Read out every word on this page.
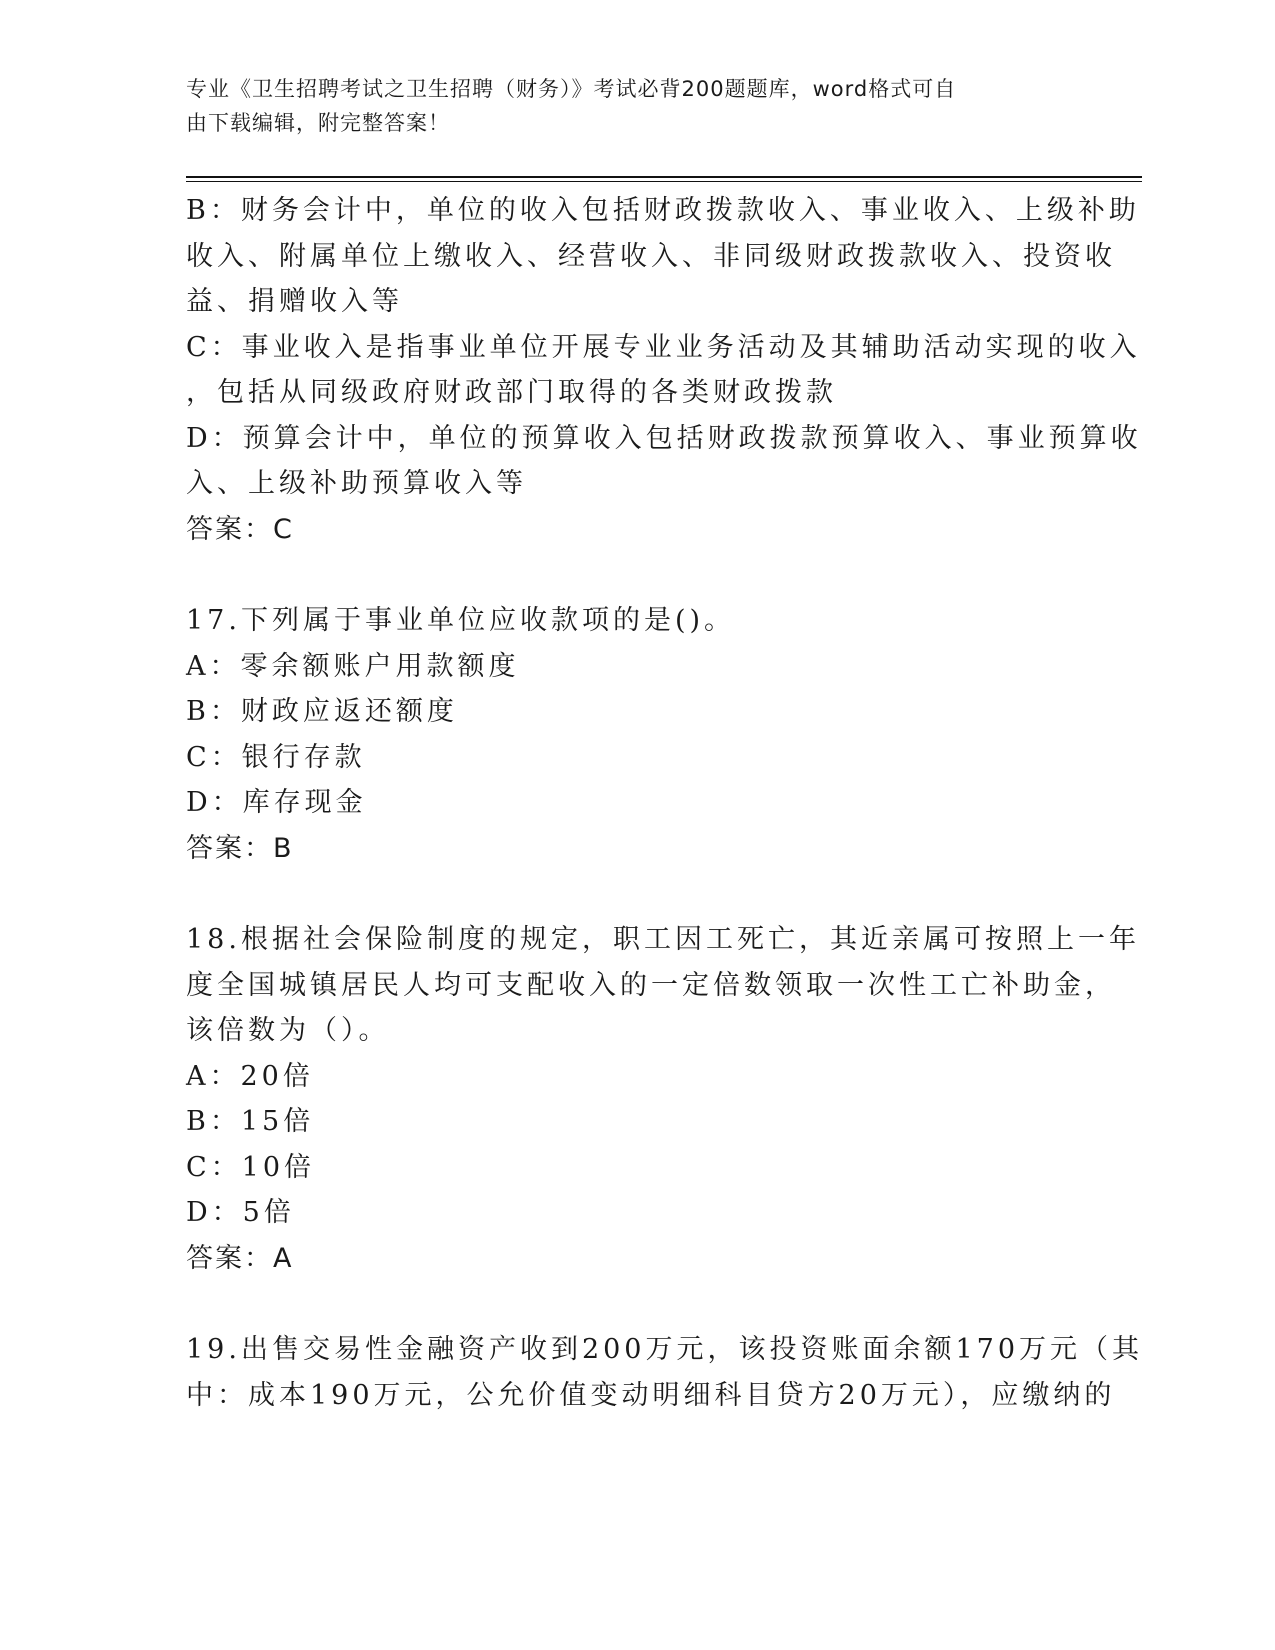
专业《卫生招聘考试之卫生招聘（财务）》考试必背200题题库，word格式可自
由下载编辑，附完整答案！
B：财务会计中，单位的收入包括财政拨款收入、事业收入、上级补助
收入、附属单位上缴收入、经营收入、非同级财政拨款收入、投资收
益、捐赠收入等
C：事业收入是指事业单位开展专业业务活动及其辅助活动实现的收入
，包括从同级政府财政部门取得的各类财政拨款
D：预算会计中，单位的预算收入包括财政拨款预算收入、事业预算收
入、上级补助预算收入等
答案：C
17.下列属于事业单位应收款项的是()。
A：零余额账户用款额度
B：财政应返还额度
C：银行存款
D：库存现金
答案：B
18.根据社会保险制度的规定，职工因工死亡，其近亲属可按照上一年
度全国城镇居民人均可支配收入的一定倍数领取一次性工亡补助金，
该倍数为（）。
A：20倍
B：15倍
C：10倍
D：5倍
答案：A
19.出售交易性金融资产收到200万元，该投资账面余额170万元（其
中：成本190万元，公允价值变动明细科目贷方20万元），应缴纳的
